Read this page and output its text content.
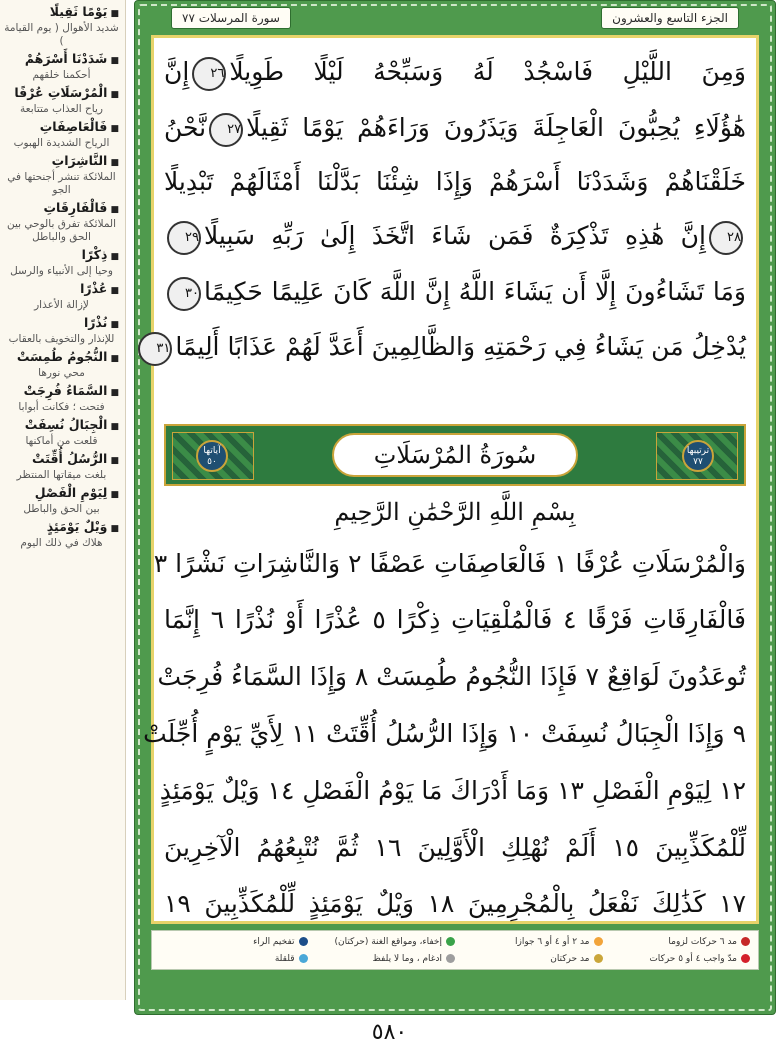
■ يَوْمًا ثَقِيلًا
شديد الأهوال ( يوم القيامة )
■ شَدَدْنَا أَسْرَهُمْ
أحكمنا خلقهم
■ الْمُرْسَلَاتِ عُرْفًا
رياح العذاب متتابعة
■ فَالْعَاصِفَاتِ
الرياح الشديدة الهبوب
■ النَّاشِرَاتِ
الملائكة تنشر أجنحتها في الجو
■ فَالْفَارِقَاتِ
الملائكة تفرق بالوحي بين الحق والباطل
■ ذِكْرًا
وحيا إلى الأنبياء والرسل
■ عُذْرًا
لإزالة الأعذار
■ نُذْرًا
للإنذار والتخويف بالعقاب
■ النُّجُومُ طُمِسَتْ
محي نورها
■ السَّمَاءُ فُرِجَتْ
فتحت ؛ فكانت أبوابا
■ الْجِبَالُ نُسِفَتْ
قلعت من أماكنها
■ الرُّسُلُ أُقِّتَتْ
بلغت ميقاتها المنتظر
■ لِيَوْمِ الْفَصْلِ
بين الحق والباطل
■ وَيْلٌ يَوْمَئِذٍ
هلاك في ذلك اليوم
سورة المرسلات ٧٧	الجزء التاسع والعشرون
وَمِنَ اللَّيْلِ فَاسْجُدْ لَهُ وَسَبِّحْهُ لَيْلًا طَوِيلًا٢٦إِنَّ
هَٰؤُلَاءِ يُحِبُّونَ الْعَاجِلَةَ وَيَذَرُونَ وَرَاءَهُمْ يَوْمًا ثَقِيلًا٢٧نَّحْنُ
خَلَقْنَاهُمْ وَشَدَدْنَا أَسْرَهُمْ وَإِذَا شِئْنَا بَدَّلْنَا أَمْثَالَهُمْ تَبْدِيلًا
٢٨إِنَّ هَٰذِهِ تَذْكِرَةٌ فَمَن شَاءَ اتَّخَذَ إِلَىٰ رَبِّهِ سَبِيلًا٢٩
وَمَا تَشَاءُونَ إِلَّا أَن يَشَاءَ اللَّهُ إِنَّ اللَّهَ كَانَ عَلِيمًا حَكِيمًا٣٠
يُدْخِلُ مَن يَشَاءُ فِي رَحْمَتِهِ وَالظَّالِمِينَ أَعَدَّ لَهُمْ عَذَابًا أَلِيمًا٣١
آياتها ٥٠
ترتيبها ٧٧
سُورَةُ المُرْسَلَاتِ
بِسْمِ اللَّهِ الرَّحْمَٰنِ الرَّحِيمِ
وَالْمُرْسَلَاتِ عُرْفًا ١ فَالْعَاصِفَاتِ عَصْفًا ٢ وَالنَّاشِرَاتِ نَشْرًا ٣
فَالْفَارِقَاتِ فَرْقًا ٤ فَالْمُلْقِيَاتِ ذِكْرًا ٥ عُذْرًا أَوْ نُذْرًا ٦ إِنَّمَا
تُوعَدُونَ لَوَاقِعٌ ٧ فَإِذَا النُّجُومُ طُمِسَتْ ٨ وَإِذَا السَّمَاءُ فُرِجَتْ
٩ وَإِذَا الْجِبَالُ نُسِفَتْ ١٠ وَإِذَا الرُّسُلُ أُقِّتَتْ ١١ لِأَيِّ يَوْمٍ أُجِّلَتْ
١٢ لِيَوْمِ الْفَصْلِ ١٣ وَمَا أَدْرَاكَ مَا يَوْمُ الْفَصْلِ ١٤ وَيْلٌ يَوْمَئِذٍ
لِّلْمُكَذِّبِينَ ١٥ أَلَمْ نُهْلِكِ الْأَوَّلِينَ ١٦ ثُمَّ نُتْبِعُهُمُ الْآخِرِينَ
١٧ كَذَٰلِكَ نَفْعَلُ بِالْمُجْرِمِينَ ١٨ وَيْلٌ يَوْمَئِذٍ لِّلْمُكَذِّبِينَ ١٩
مد ٦ حركات لزوما
مد ٢ أو ٤ أو ٦ جوازا
إخفاء، ومواقع الغنة (حركتان)
تفخيم الراء
مدّ واجب ٤ أو ٥ حركات
مد حركتان
ادغام ، وما لا يلفظ
قلقلة
٥٨٠
